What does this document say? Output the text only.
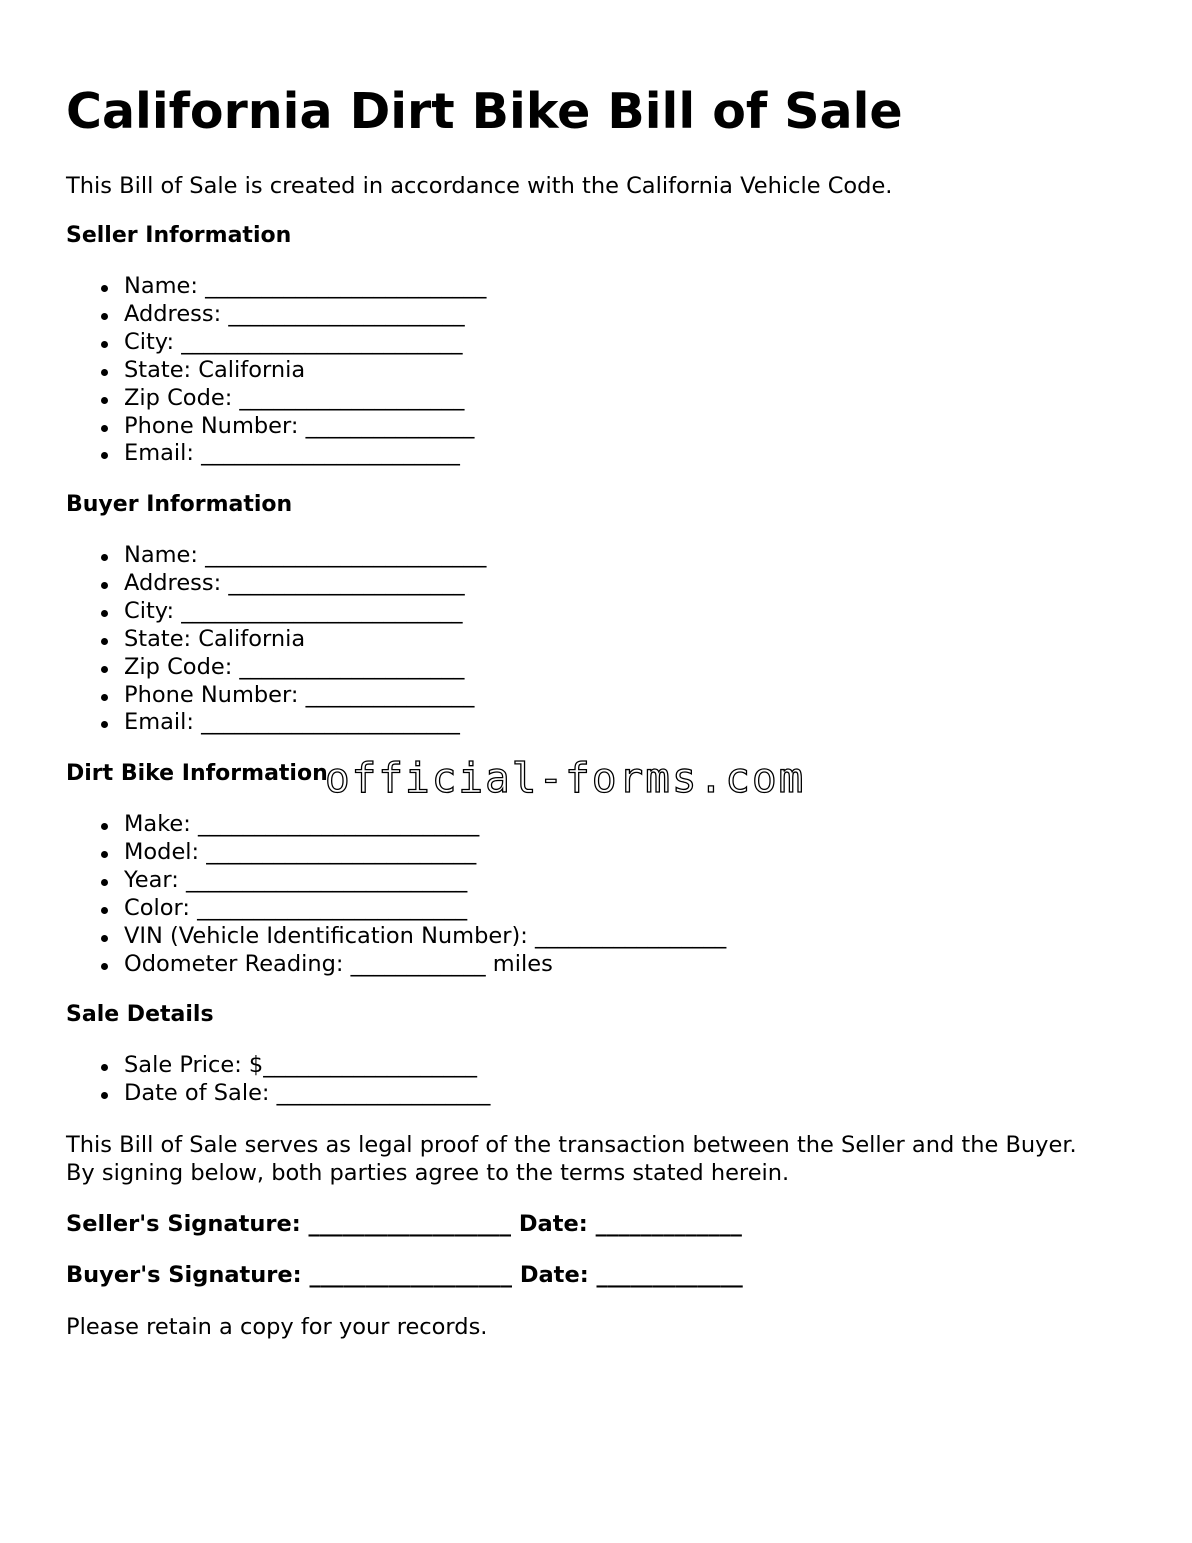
California Dirt Bike Bill of Sale

This Bill of Sale is created in accordance with the California Vehicle Code.

Seller Information

Name: _________________________
Address: _____________________
City: _________________________
State: California
Zip Code: ____________________
Phone Number: _______________
Email: _______________________

Buyer Information

Name: _________________________
Address: _____________________
City: _________________________
State: California
Zip Code: ____________________
Phone Number: _______________
Email: _______________________

Dirt Bike Information

Make: _________________________
Model: ________________________
Year: _________________________
Color: ________________________
VIN (Vehicle Identification Number): _________________
Odometer Reading: ____________ miles

Sale Details

Sale Price: $___________________
Date of Sale: ___________________

This Bill of Sale serves as legal proof of the transaction between the Seller and the Buyer.

By signing below, both parties agree to the terms stated herein.

Seller's Signature: __________________ Date: _____________

Buyer's Signature: __________________ Date: _____________

Please retain a copy for your records.

official-forms.com
